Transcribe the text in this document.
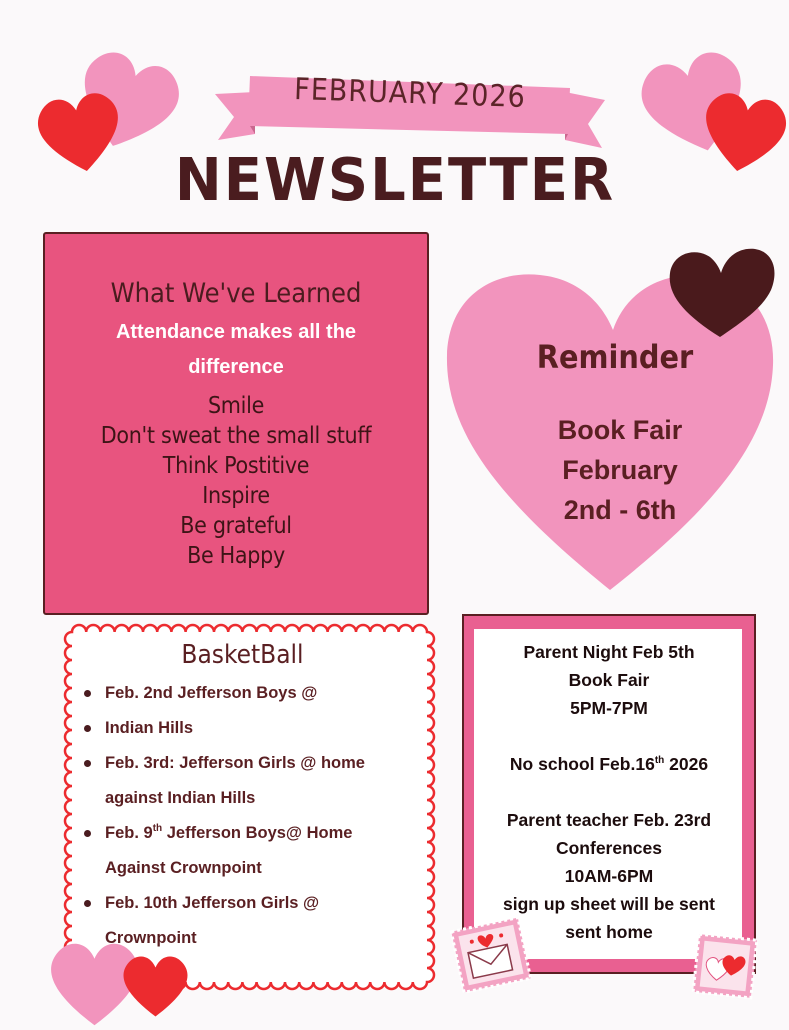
FEBRUARY 2026
NEWSLETTER
What We've Learned
Attendance makes all the difference
Smile
Don't sweat the small stuff
Think Postitive
Inspire
Be grateful
Be Happy
Reminder
Book Fair
February
2nd - 6th
BasketBall
Feb. 2nd Jefferson Boys @
Indian Hills
Feb. 3rd: Jefferson Girls @ home
against Indian Hills
Feb. 9th Jefferson Boys@ Home
Against Crownpoint
Feb. 10th Jefferson Girls @
Crownpoint
Parent Night Feb 5th
Book Fair
5PM-7PM
No school Feb.16th 2026
Parent teacher Feb. 23rd
Conferences
10AM-6PM
sign up sheet will be sent
sent home
